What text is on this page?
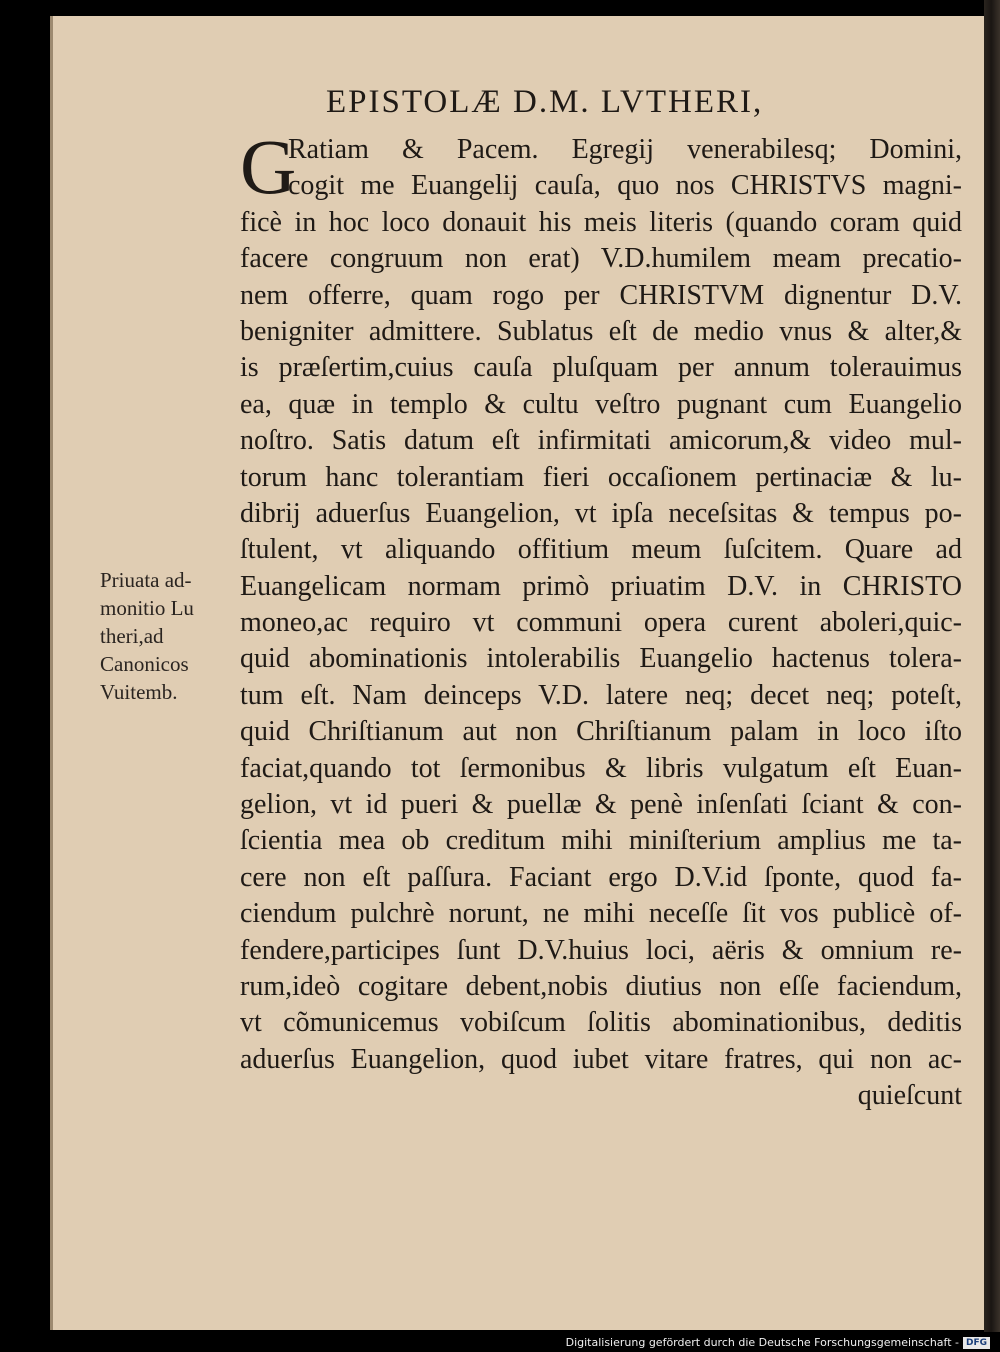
EPISTOLÆ D.M. LVTHERI,
G
Ratiam & Pacem. Egregij venerabilesq; Domini,
cogit me Euangelij cauſa, quo nos CHRISTVS magni-
ficè in hoc loco donauit his meis literis (quando coram quid
facere congruum non erat) V.D.humilem meam precatio-
nem offerre, quam rogo per CHRISTVM dignentur D.V.
benigniter admittere. Sublatus eſt de medio vnus & alter,&
is præſertim,cuius cauſa pluſquam per annum tolerauimus
ea, quæ in templo & cultu veſtro pugnant cum Euangelio
noſtro. Satis datum eſt infirmitati amicorum,& video mul-
torum hanc tolerantiam fieri occaſionem pertinaciæ & lu-
dibrij aduerſus Euangelion, vt ipſa neceſsitas & tempus po-
ſtulent, vt aliquando offitium meum ſuſcitem. Quare ad
Euangelicam normam primò priuatim D.V. in CHRISTO
moneo,ac requiro vt communi opera curent aboleri,quic-
quid abominationis intolerabilis Euangelio hactenus tolera-
tum eſt. Nam deinceps V.D. latere neq; decet neq; poteſt,
quid Chriſtianum aut non Chriſtianum palam in loco iſto
faciat,quando tot ſermonibus & libris vulgatum eſt Euan-
gelion, vt id pueri & puellæ & penè inſenſati ſciant & con-
ſcientia mea ob creditum mihi miniſterium amplius me ta-
cere non eſt paſſura. Faciant ergo D.V.id ſponte, quod fa-
ciendum pulchrè norunt, ne mihi neceſſe ſit vos publicè of-
fendere,participes ſunt D.V.huius loci, aëris & omnium re-
rum,ideò cogitare debent,nobis diutius non eſſe faciendum,
vt cõmunicemus vobiſcum ſolitis abominationibus, deditis
aduerſus Euangelion, quod iubet vitare fratres, qui non ac-
quieſcunt
Priuata ad-
monitio Lu
theri,ad
Canonicos
Vuitemb.
Digitalisierung gefördert durch die Deutsche Forschungsgemeinschaft - DFG
